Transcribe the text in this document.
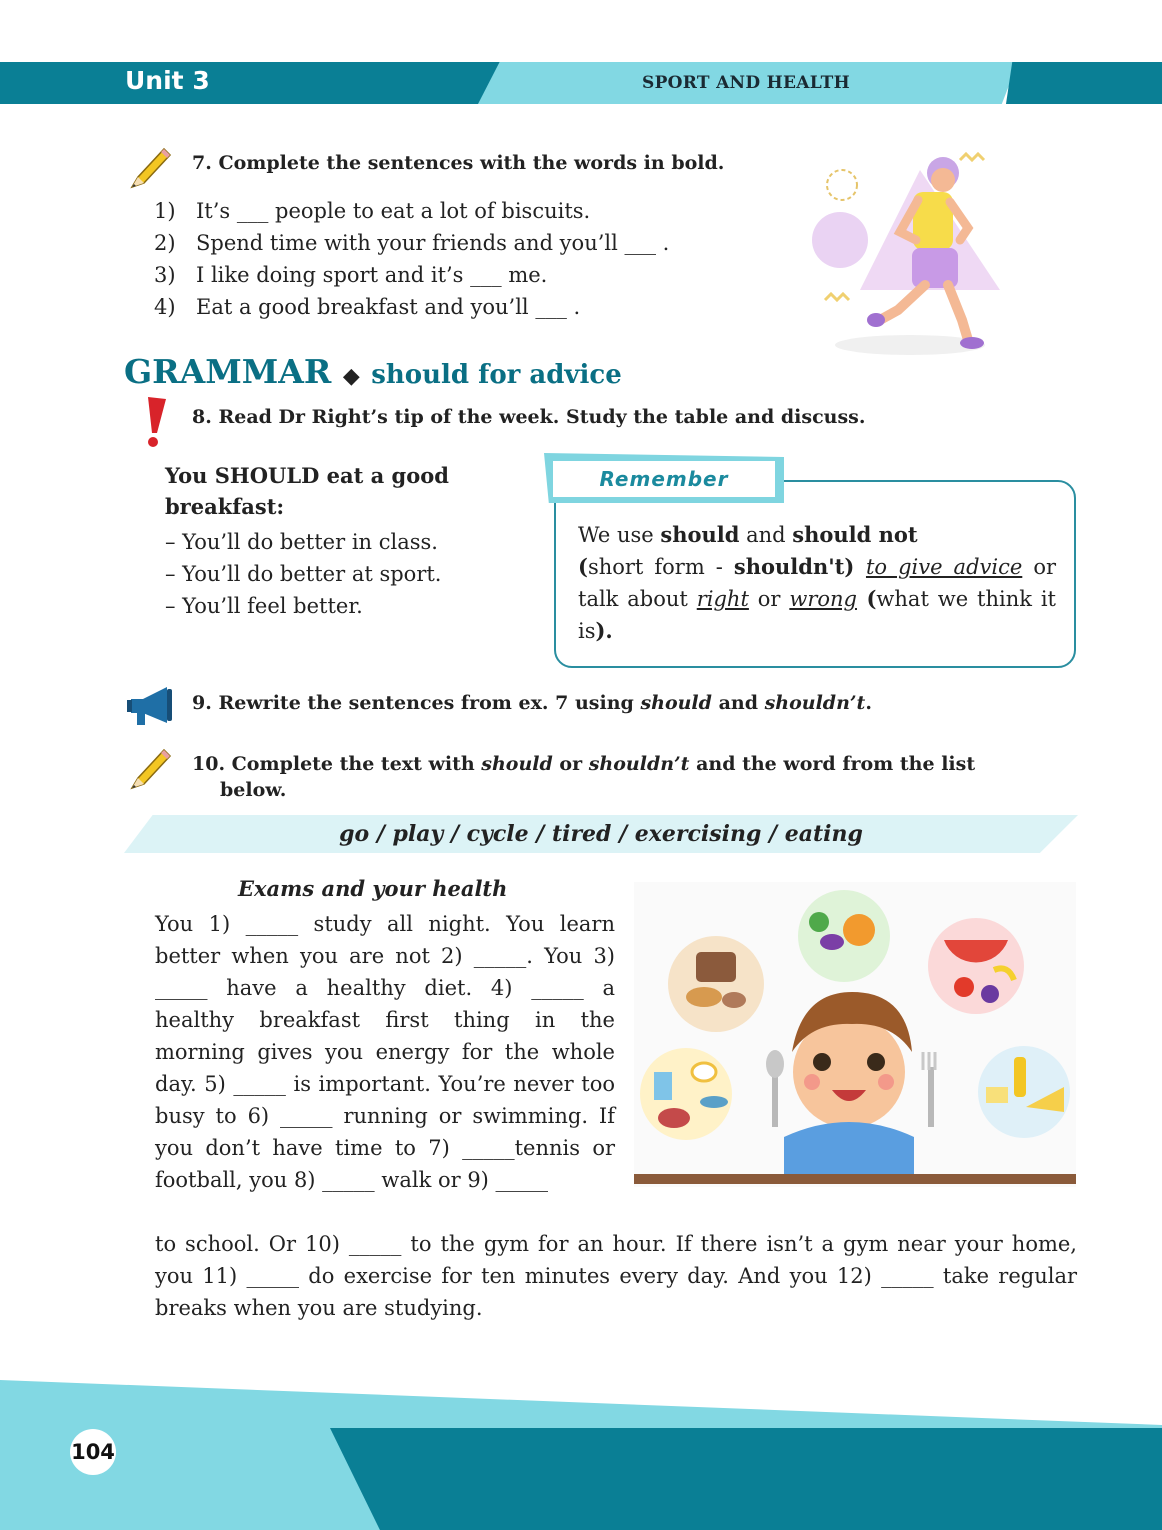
Unit 3	SPORT AND HEALTH
7. Complete the sentences with the words in bold.
1) It’s ___ people to eat a lot of biscuits.
2) Spend time with your friends and you’ll ___ .
3) I like doing sport and it’s ___ me.
4) Eat a good breakfast and you’ll ___ .
GRAMMAR ◆ should for advice
8. Read Dr Right’s tip of the week. Study the table and discuss.
You SHOULD eat a good
breakfast:
– You’ll do better in class.
– You’ll do better at sport.
– You’ll feel better.
Remember
We use should and should not
(short form - shouldn't) to give advice or talk about right or wrong (what we think it is).
9. Rewrite the sentences from ex. 7 using should and shouldn’t.
10. Complete the text with should or shouldn’t and the word from the list
below.
go / play / cycle / tired / exercising / eating
Exams and your health
You 1) _____ study all night. You learn better when you are not 2) _____. You 3) _____ have a healthy diet. 4) _____ a healthy breakfast first thing in the morning gives you energy for the whole day. 5) _____ is important. You’re never too busy to 6) _____ running or swimming. If you don’t have time to 7) _____tennis or football, you 8) _____ walk or 9) _____
to school. Or 10) _____ to the gym for an hour. If there isn’t a gym near your home, you 11) _____ do exercise for ten minutes every day. And you 12) _____ take regular breaks when you are studying.
104
